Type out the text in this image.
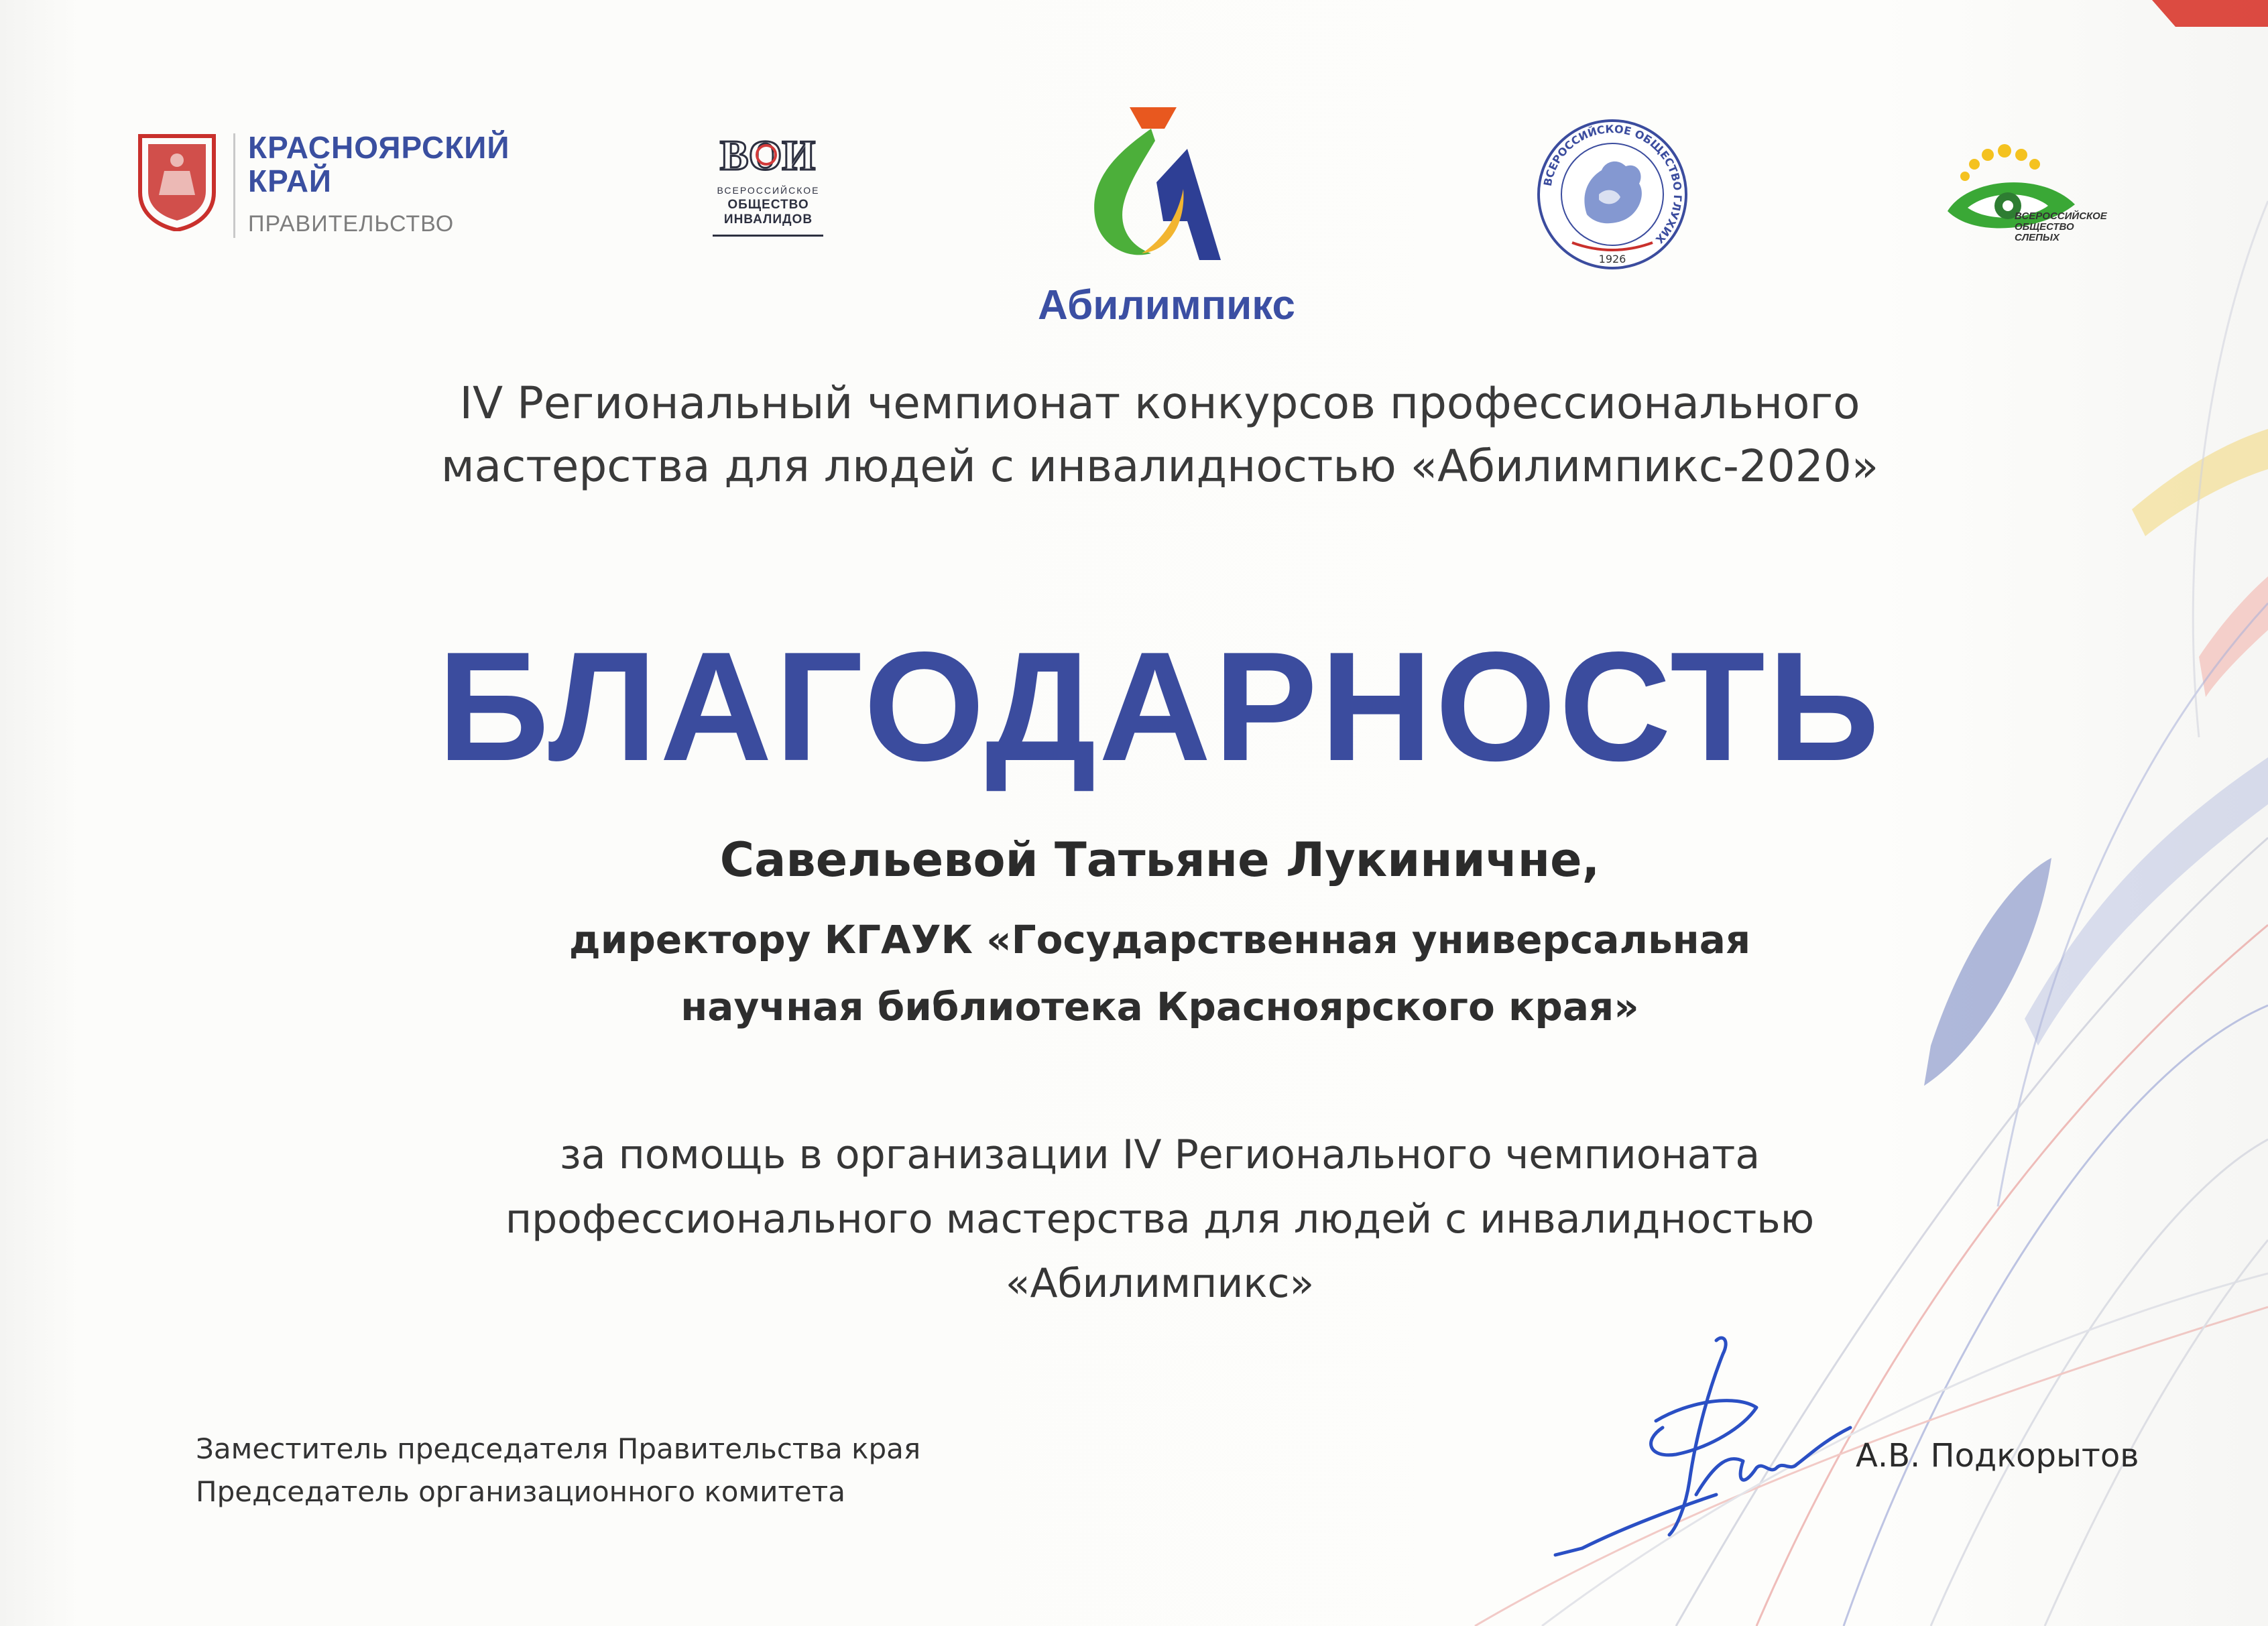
КРАСНОЯРСКИЙ
КРАЙ
ПРАВИТЕЛЬСТВО
ВОИ
ВСЕРОССИЙСКОЕ
ОБЩЕСТВО
ИНВАЛИДОВ
Абилимпикс
ВСЕРОССИЙСКОЕ ОБЩЕСТВО ГЛУХИХ
1926
ВСЕРОССИЙСКОЕ
ОБЩЕСТВО
СЛЕПЫХ
IV Региональный чемпионат конкурсов профессионального
мастерства для людей с инвалидностью «Абилимпикс-2020»
БЛАГОДАРНОСТЬ
Савельевой Татьяне Лукиничне,
директору КГАУК «Государственная универсальная
научная библиотека Красноярского края»
за помощь в организации IV Регионального чемпионата
профессионального мастерства для людей с инвалидностью
«Абилимпикс»
Заместитель председателя Правительства края
Председатель организационного комитета
А.В. Подкорытов
